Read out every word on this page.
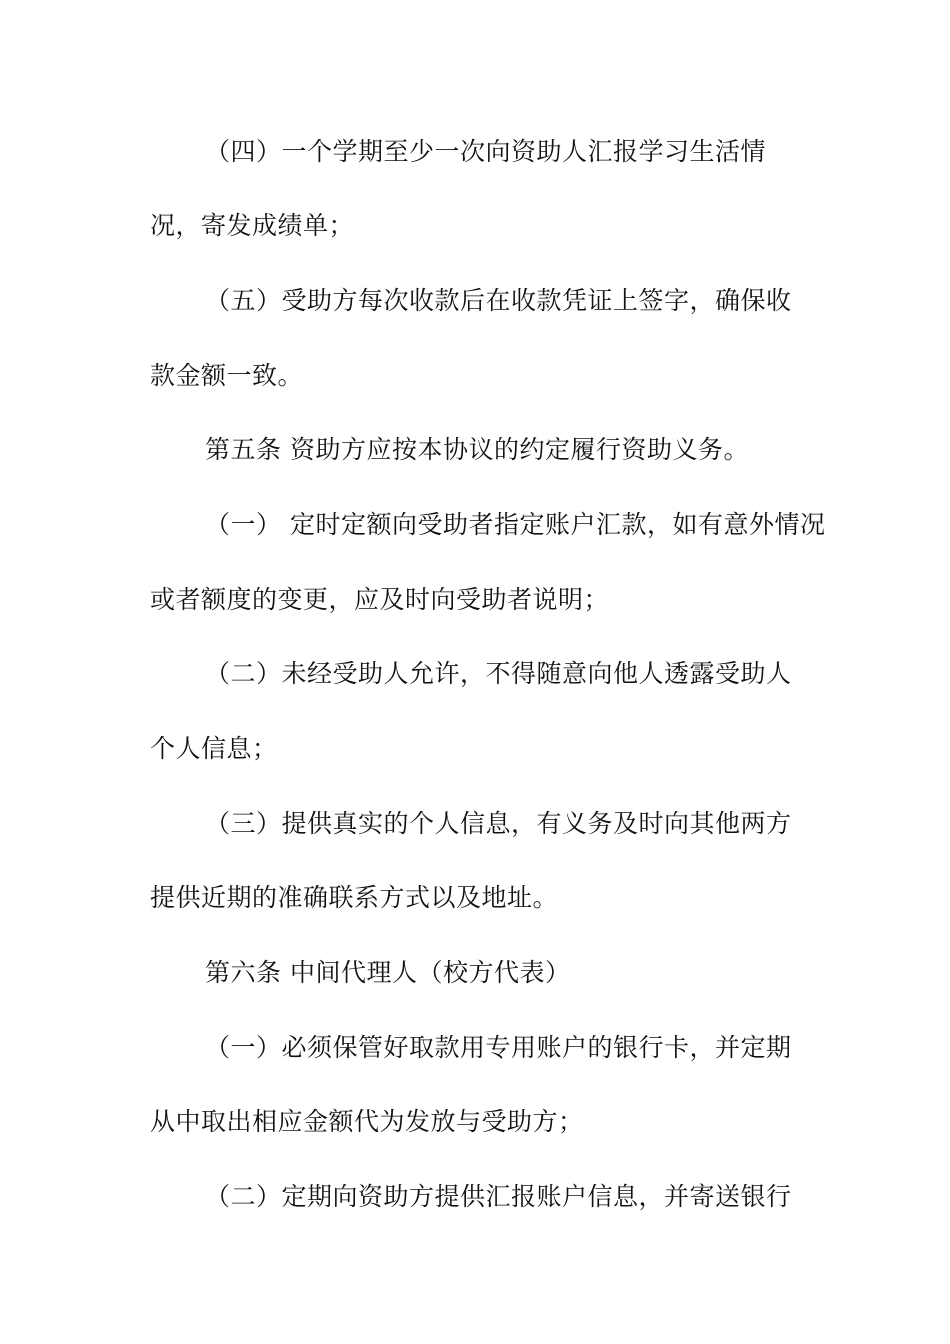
（四）一个学期至少一次向资助人汇报学习生活情
况，寄发成绩单；
（五）受助方每次收款后在收款凭证上签字，确保收
款金额一致。
第五条 资助方应按本协议的约定履行资助义务。
（一） 定时定额向受助者指定账户汇款，如有意外情况
或者额度的变更，应及时向受助者说明；
（二）未经受助人允许，不得随意向他人透露受助人
个人信息；
（三）提供真实的个人信息，有义务及时向其他两方
提供近期的准确联系方式以及地址。
第六条 中间代理人（校方代表）
（一）必须保管好取款用专用账户的银行卡，并定期
从中取出相应金额代为发放与受助方；
（二）定期向资助方提供汇报账户信息，并寄送银行
